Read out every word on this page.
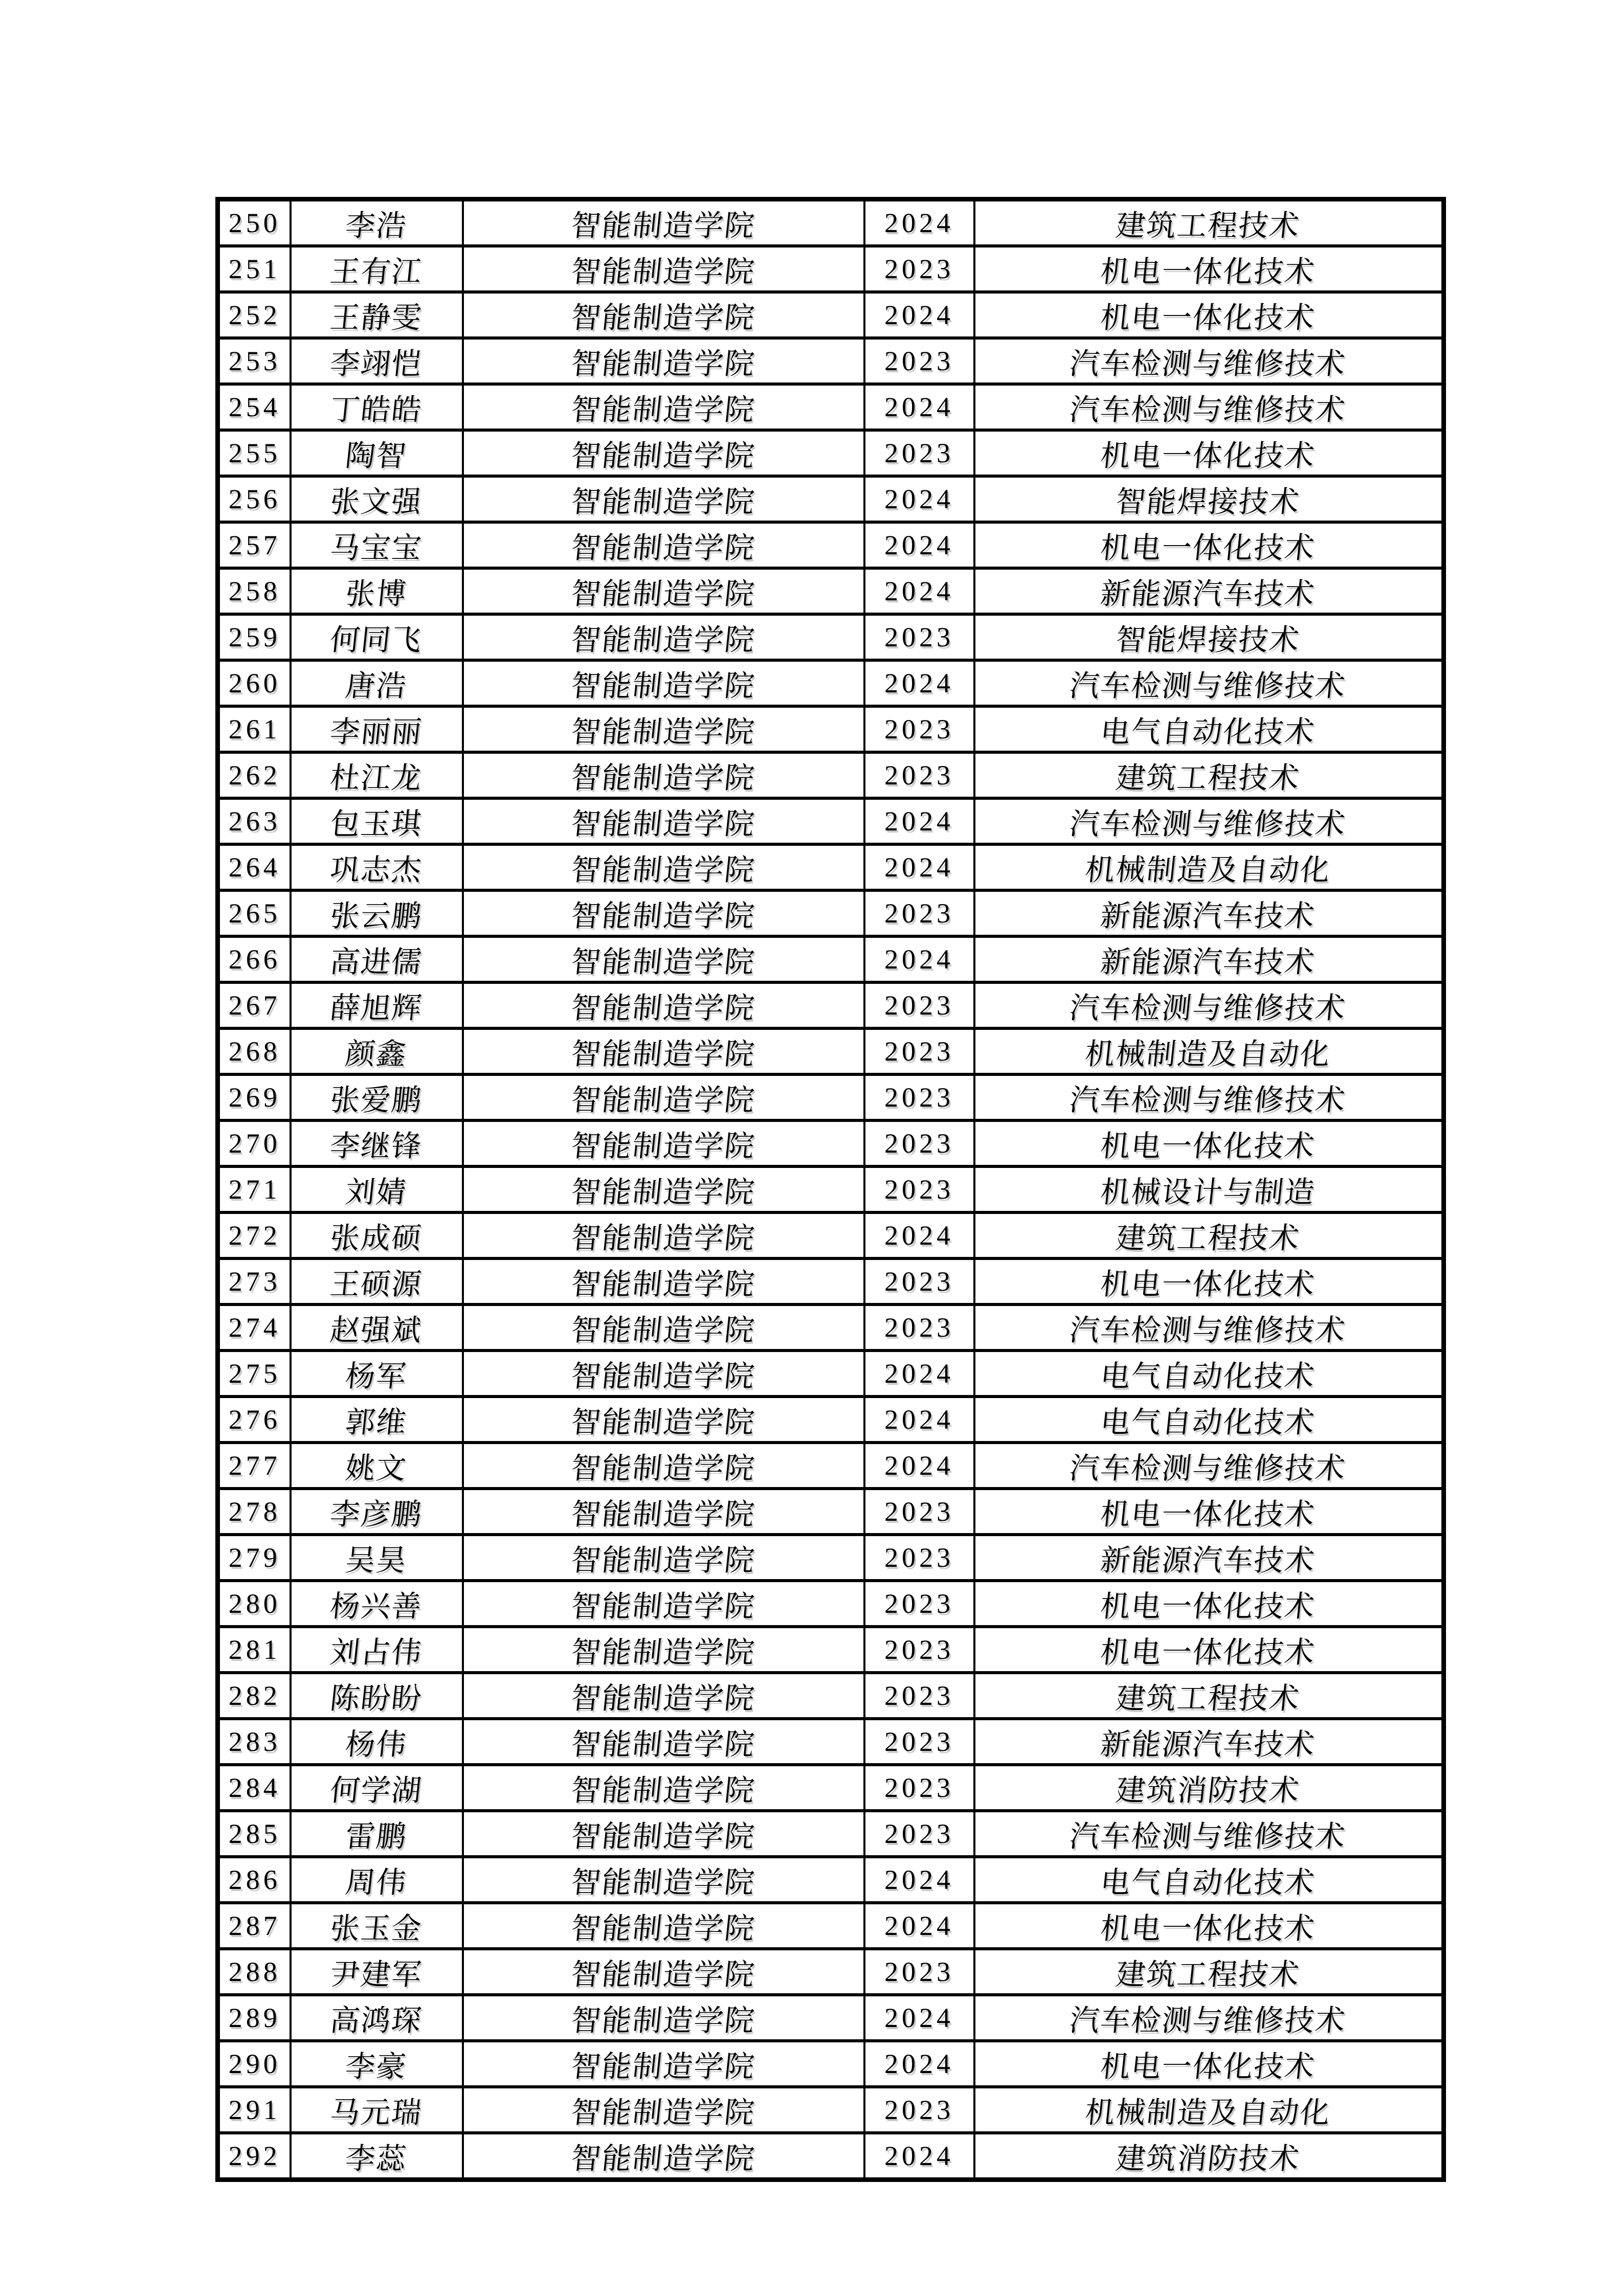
250	李浩	智能制造学院	2024	建筑工程技术
251	王有江	智能制造学院	2023	机电一体化技术
252	王静雯	智能制造学院	2024	机电一体化技术
253	李翊恺	智能制造学院	2023	汽车检测与维修技术
254	丁皓皓	智能制造学院	2024	汽车检测与维修技术
255	陶智	智能制造学院	2023	机电一体化技术
256	张文强	智能制造学院	2024	智能焊接技术
257	马宝宝	智能制造学院	2024	机电一体化技术
258	张博	智能制造学院	2024	新能源汽车技术
259	何同飞	智能制造学院	2023	智能焊接技术
260	唐浩	智能制造学院	2024	汽车检测与维修技术
261	李丽丽	智能制造学院	2023	电气自动化技术
262	杜江龙	智能制造学院	2023	建筑工程技术
263	包玉琪	智能制造学院	2024	汽车检测与维修技术
264	巩志杰	智能制造学院	2024	机械制造及自动化
265	张云鹏	智能制造学院	2023	新能源汽车技术
266	高进儒	智能制造学院	2024	新能源汽车技术
267	薛旭辉	智能制造学院	2023	汽车检测与维修技术
268	颜鑫	智能制造学院	2023	机械制造及自动化
269	张爱鹏	智能制造学院	2023	汽车检测与维修技术
270	李继锋	智能制造学院	2023	机电一体化技术
271	刘婧	智能制造学院	2023	机械设计与制造
272	张成硕	智能制造学院	2024	建筑工程技术
273	王硕源	智能制造学院	2023	机电一体化技术
274	赵强斌	智能制造学院	2023	汽车检测与维修技术
275	杨军	智能制造学院	2024	电气自动化技术
276	郭维	智能制造学院	2024	电气自动化技术
277	姚文	智能制造学院	2024	汽车检测与维修技术
278	李彦鹏	智能制造学院	2023	机电一体化技术
279	吴昊	智能制造学院	2023	新能源汽车技术
280	杨兴善	智能制造学院	2023	机电一体化技术
281	刘占伟	智能制造学院	2023	机电一体化技术
282	陈盼盼	智能制造学院	2023	建筑工程技术
283	杨伟	智能制造学院	2023	新能源汽车技术
284	何学湖	智能制造学院	2023	建筑消防技术
285	雷鹏	智能制造学院	2023	汽车检测与维修技术
286	周伟	智能制造学院	2024	电气自动化技术
287	张玉金	智能制造学院	2024	机电一体化技术
288	尹建军	智能制造学院	2023	建筑工程技术
289	高鸿琛	智能制造学院	2024	汽车检测与维修技术
290	李豪	智能制造学院	2024	机电一体化技术
291	马元瑞	智能制造学院	2023	机械制造及自动化
292	李蕊	智能制造学院	2024	建筑消防技术
